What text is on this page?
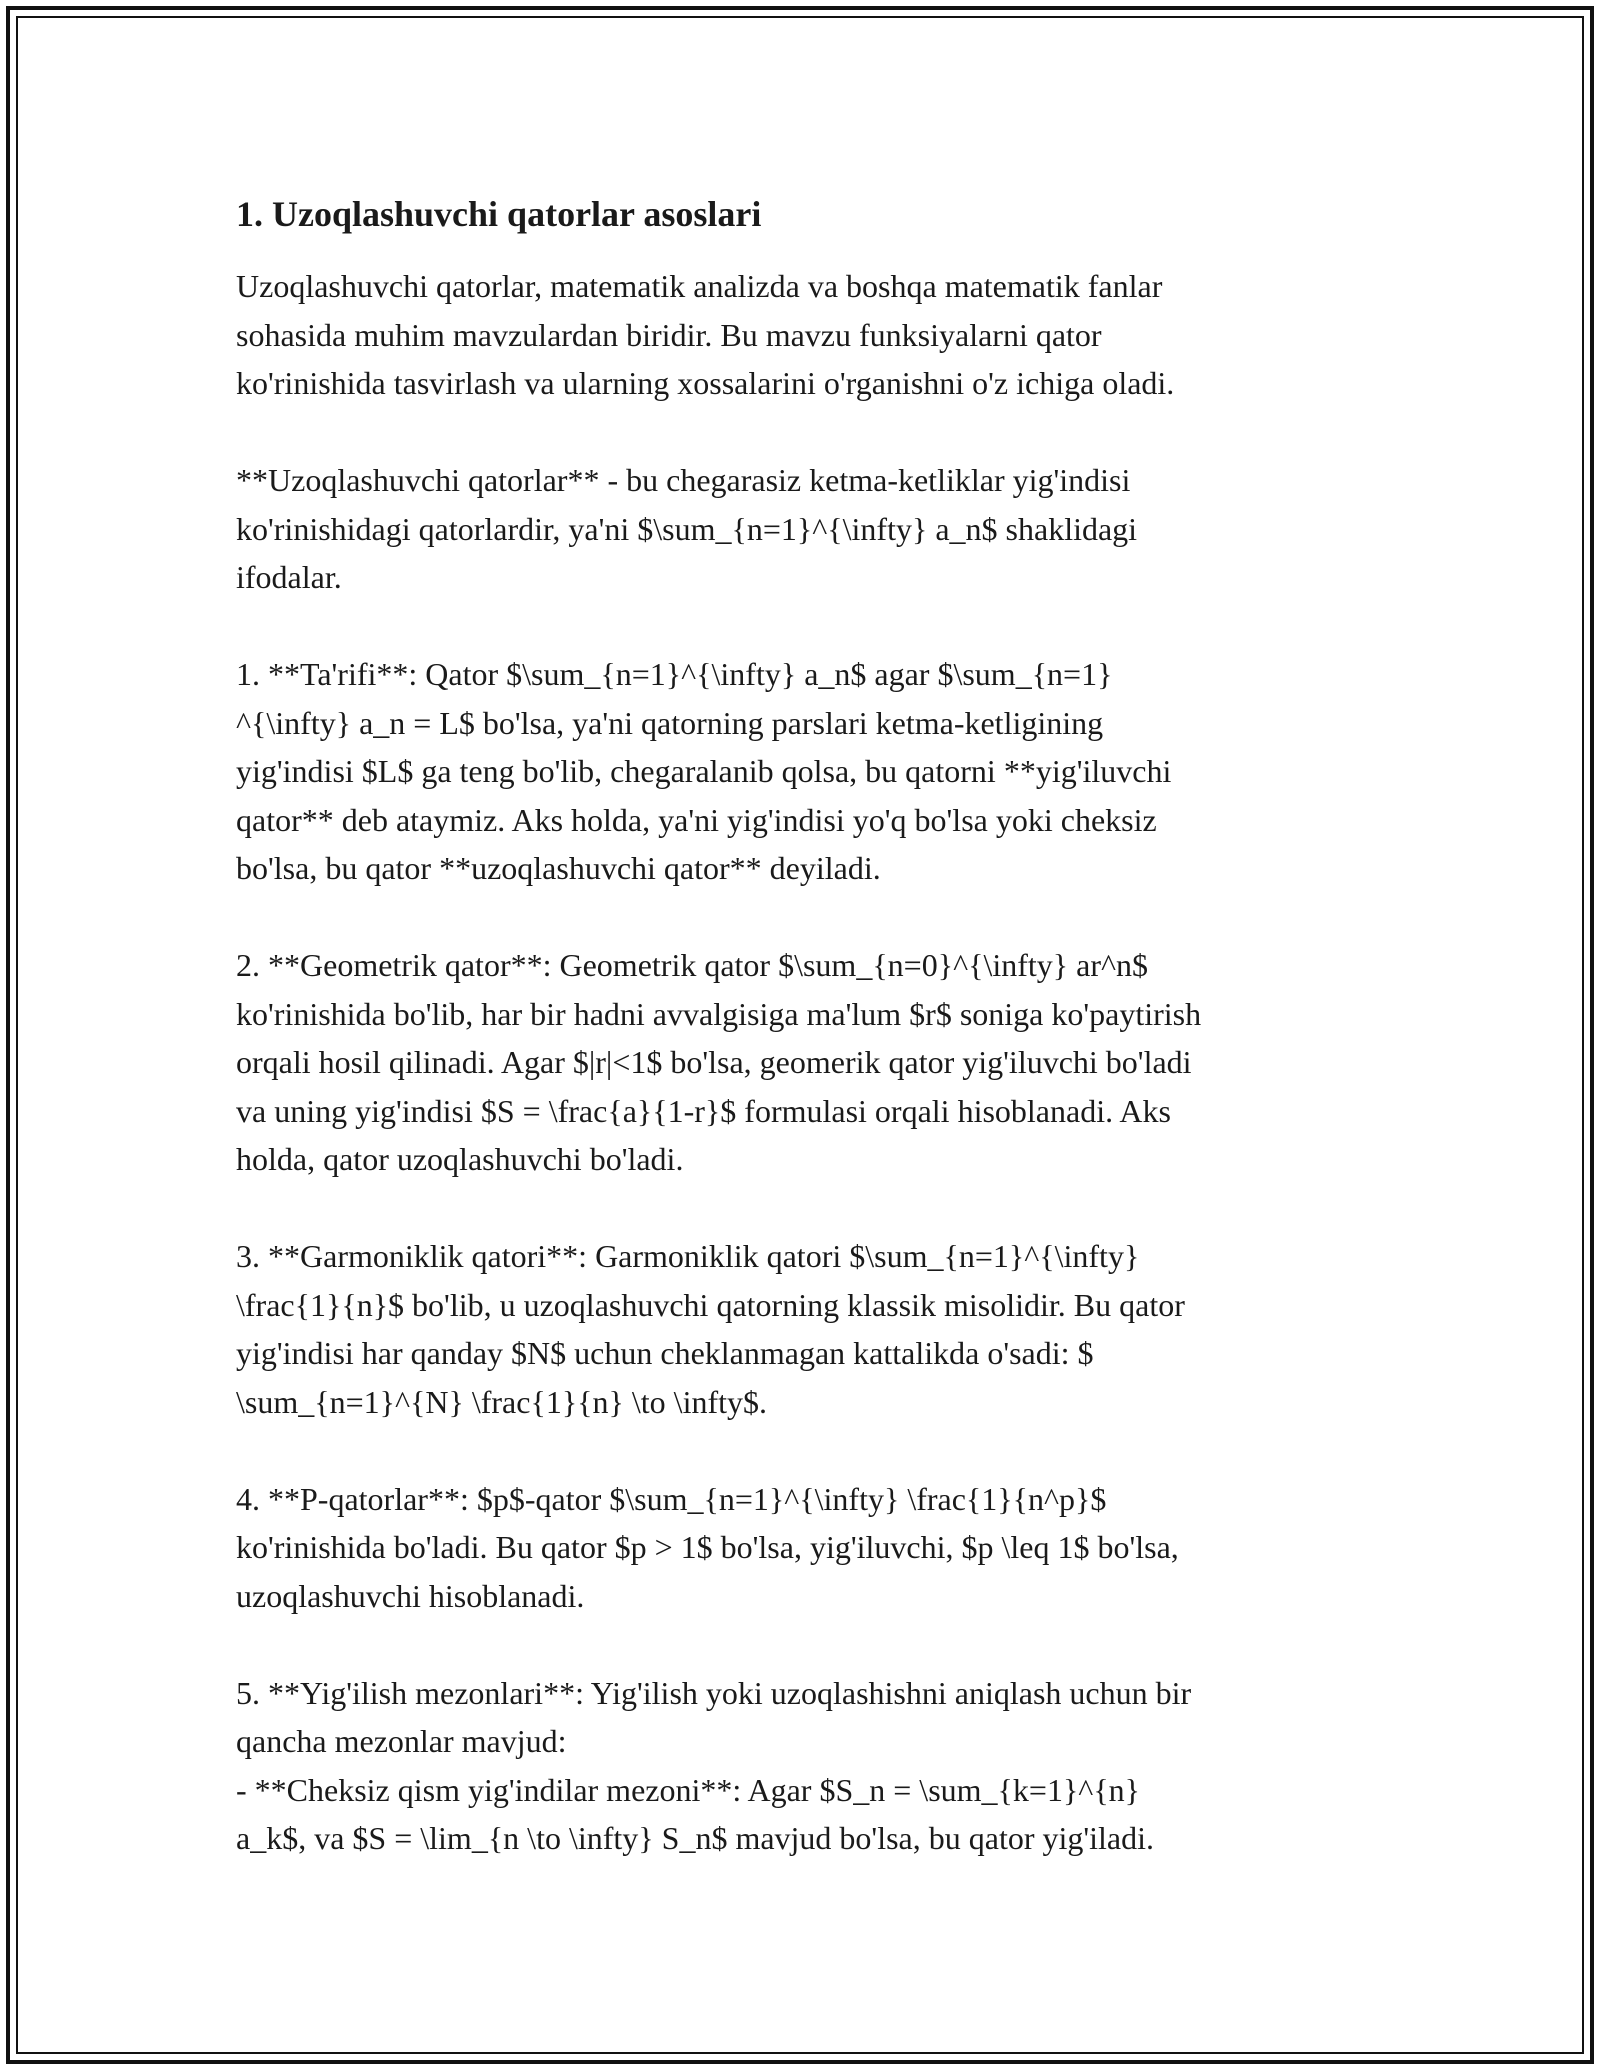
1. Uzoqlashuvchi qatorlar asoslari

Uzoqlashuvchi qatorlar, matematik analizda va boshqa matematik fanlar
sohasida muhim mavzulardan biridir. Bu mavzu funksiyalarni qator
ko'rinishida tasvirlash va ularning xossalarini o'rganishni o'z ichiga oladi.

**Uzoqlashuvchi qatorlar** - bu chegarasiz ketma-ketliklar yig'indisi
ko'rinishidagi qatorlardir, ya'ni $\sum_{n=1}^{\infty} a_n$ shaklidagi
ifodalar.

1. **Ta'rifi**: Qator $\sum_{n=1}^{\infty} a_n$ agar $\sum_{n=1}
^{\infty} a_n = L$ bo'lsa, ya'ni qatorning parslari ketma-ketligining
yig'indisi $L$ ga teng bo'lib, chegaralanib qolsa, bu qatorni **yig'iluvchi
qator** deb ataymiz. Aks holda, ya'ni yig'indisi yo'q bo'lsa yoki cheksiz
bo'lsa, bu qator **uzoqlashuvchi qator** deyiladi.

2. **Geometrik qator**: Geometrik qator $\sum_{n=0}^{\infty} ar^n$
ko'rinishida bo'lib, har bir hadni avvalgisiga ma'lum $r$ soniga ko'paytirish
orqali hosil qilinadi. Agar $|r|<1$ bo'lsa, geomerik qator yig'iluvchi bo'ladi
va uning yig'indisi $S = \frac{a}{1-r}$ formulasi orqali hisoblanadi. Aks
holda, qator uzoqlashuvchi bo'ladi.

3. **Garmoniklik qatori**: Garmoniklik qatori $\sum_{n=1}^{\infty}
\frac{1}{n}$ bo'lib, u uzoqlashuvchi qatorning klassik misolidir. Bu qator
yig'indisi har qanday $N$ uchun cheklanmagan kattalikda o'sadi: $
\sum_{n=1}^{N} \frac{1}{n} \to \infty$.

4. **P-qatorlar**: $p$-qator $\sum_{n=1}^{\infty} \frac{1}{n^p}$
ko'rinishida bo'ladi. Bu qator $p > 1$ bo'lsa, yig'iluvchi, $p \leq 1$ bo'lsa,
uzoqlashuvchi hisoblanadi.

5. **Yig'ilish mezonlari**: Yig'ilish yoki uzoqlashishni aniqlash uchun bir
qancha mezonlar mavjud:
- **Cheksiz qism yig'indilar mezoni**: Agar $S_n = \sum_{k=1}^{n}
a_k$, va $S = \lim_{n \to \infty} S_n$ mavjud bo'lsa, bu qator yig'iladi.
